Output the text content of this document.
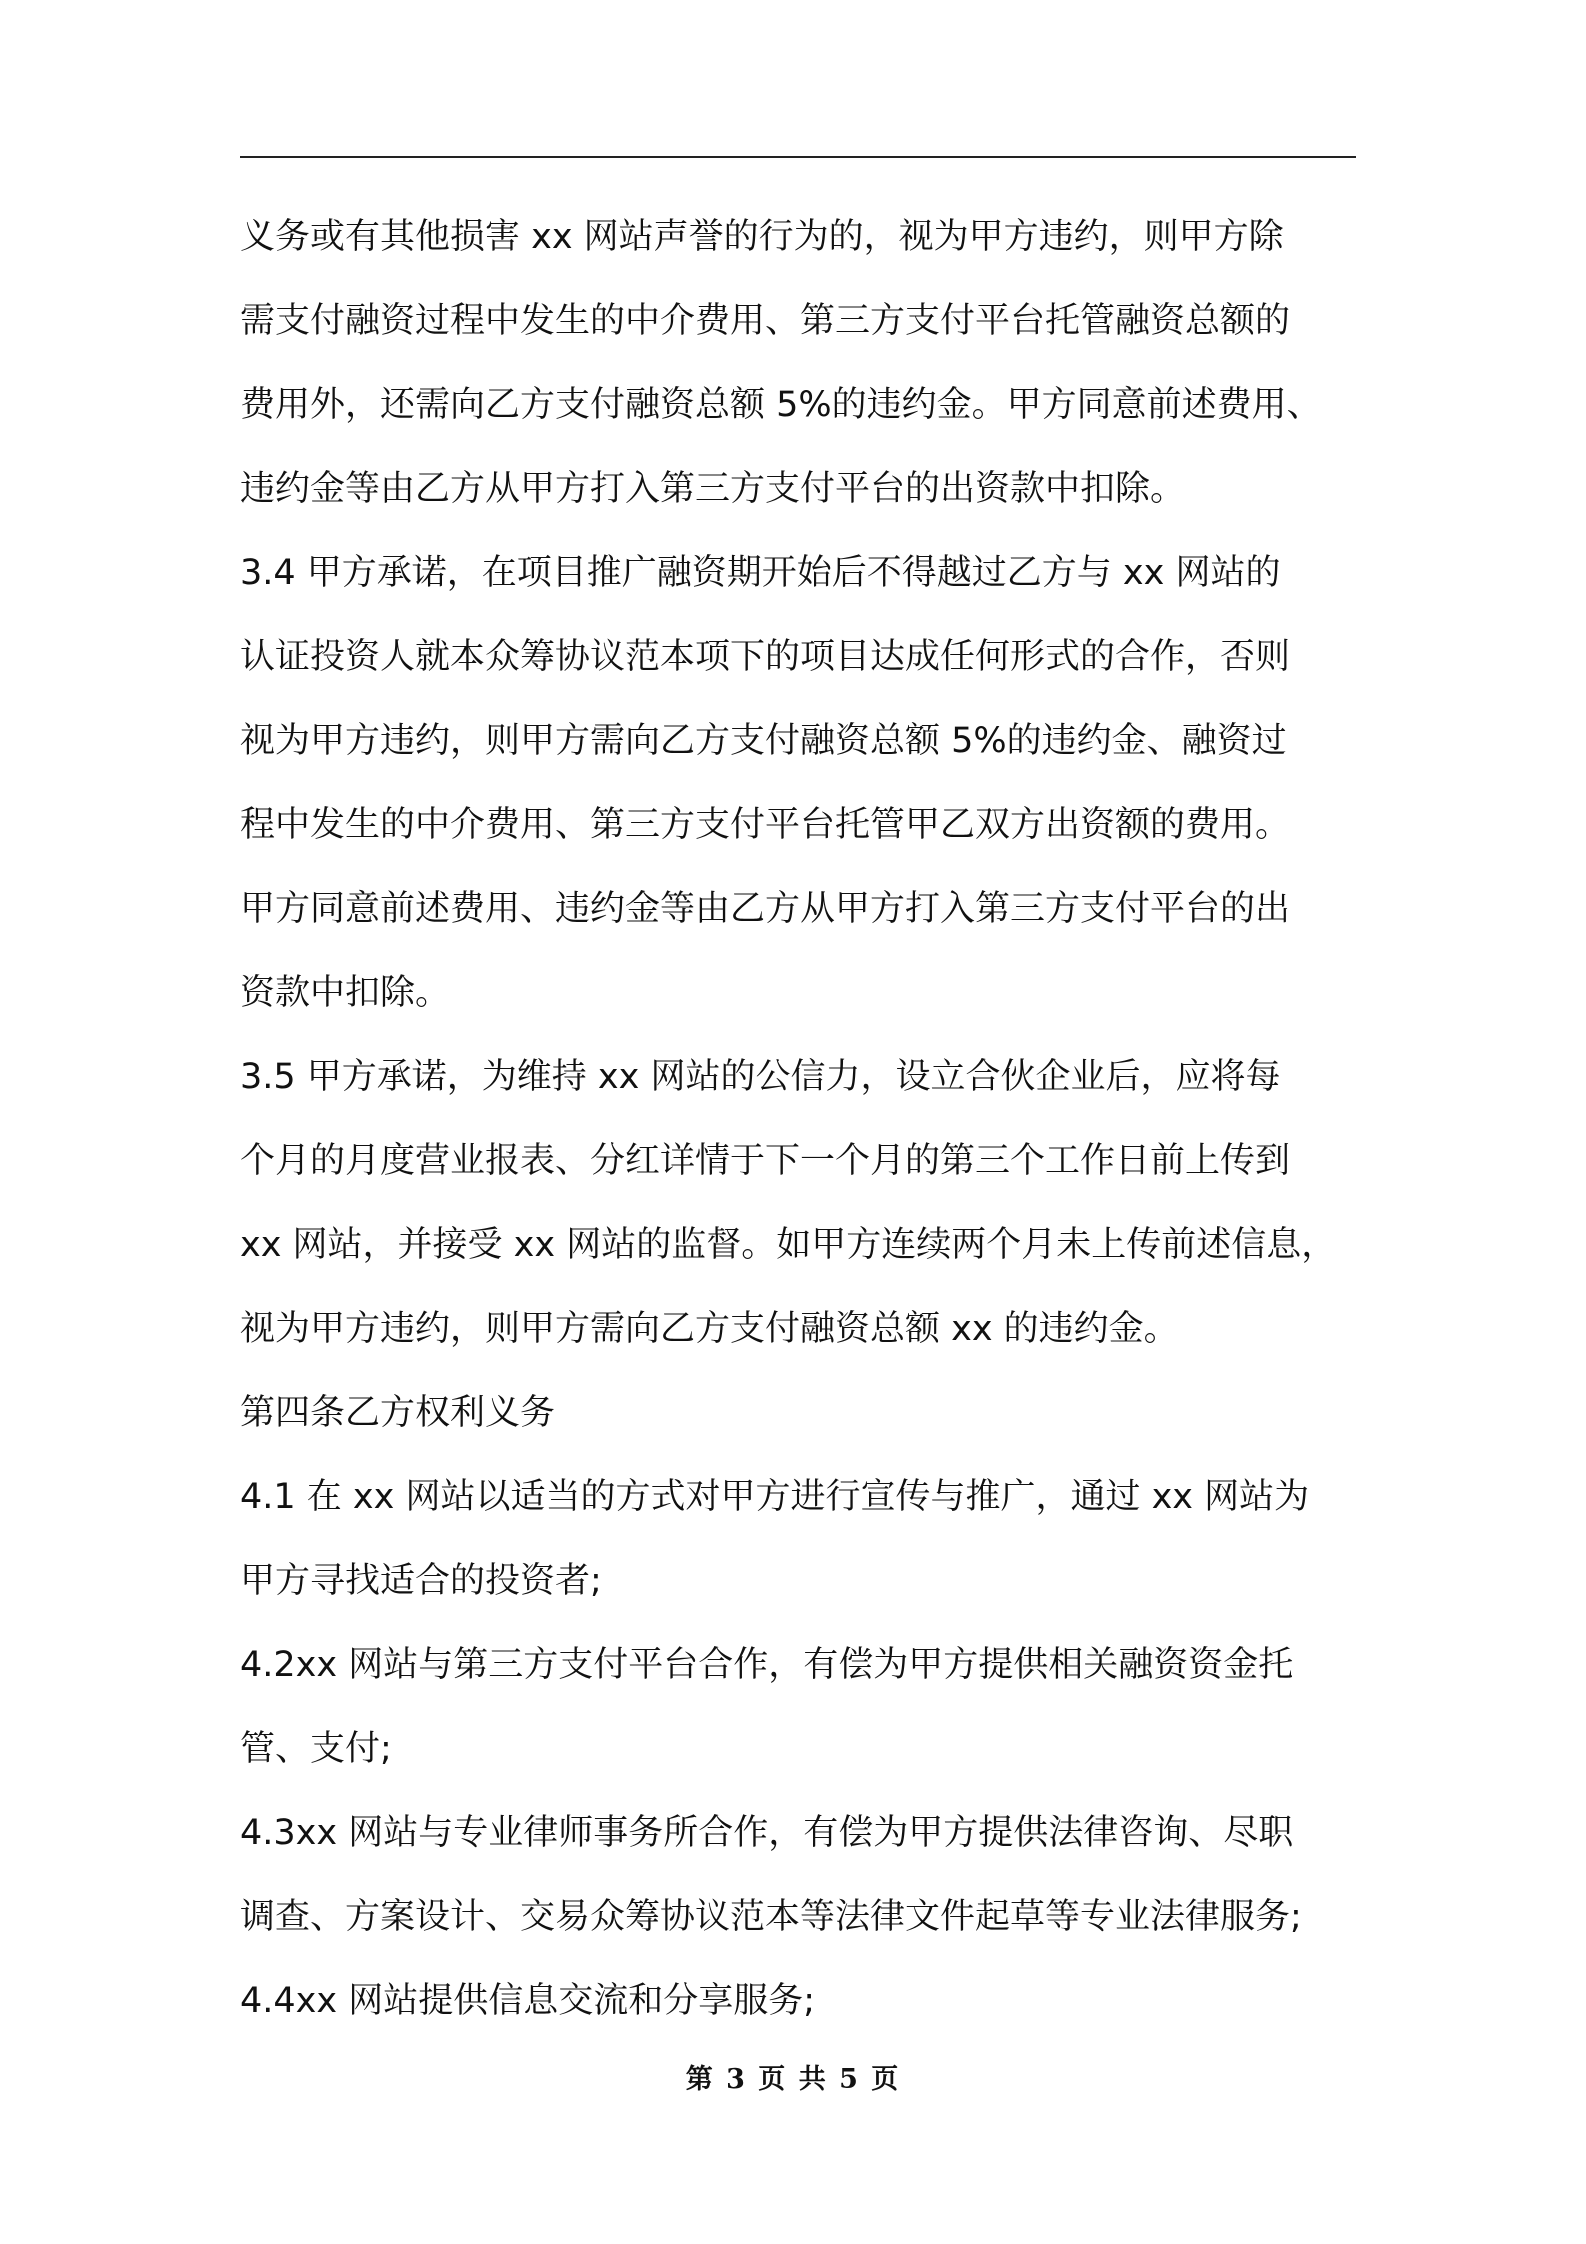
义务或有其他损害 xx 网站声誉的行为的，视为甲方违约，则甲方除
需支付融资过程中发生的中介费用、第三方支付平台托管融资总额的
费用外，还需向乙方支付融资总额 5%的违约金。甲方同意前述费用、
违约金等由乙方从甲方打入第三方支付平台的出资款中扣除。
3.4 甲方承诺，在项目推广融资期开始后不得越过乙方与 xx 网站的
认证投资人就本众筹协议范本项下的项目达成任何形式的合作，否则
视为甲方违约，则甲方需向乙方支付融资总额 5%的违约金、融资过
程中发生的中介费用、第三方支付平台托管甲乙双方出资额的费用。
甲方同意前述费用、违约金等由乙方从甲方打入第三方支付平台的出
资款中扣除。
3.5 甲方承诺，为维持 xx 网站的公信力，设立合伙企业后，应将每
个月的月度营业报表、分红详情于下一个月的第三个工作日前上传到
xx 网站，并接受 xx 网站的监督。如甲方连续两个月未上传前述信息，
视为甲方违约，则甲方需向乙方支付融资总额 xx 的违约金。
第四条乙方权利义务
4.1 在 xx 网站以适当的方式对甲方进行宣传与推广，通过 xx 网站为
甲方寻找适合的投资者;
4.2xx 网站与第三方支付平台合作，有偿为甲方提供相关融资资金托
管、支付;
4.3xx 网站与专业律师事务所合作，有偿为甲方提供法律咨询、尽职
调查、方案设计、交易众筹协议范本等法律文件起草等专业法律服务;
4.4xx 网站提供信息交流和分享服务;
第 3 页 共 5 页
